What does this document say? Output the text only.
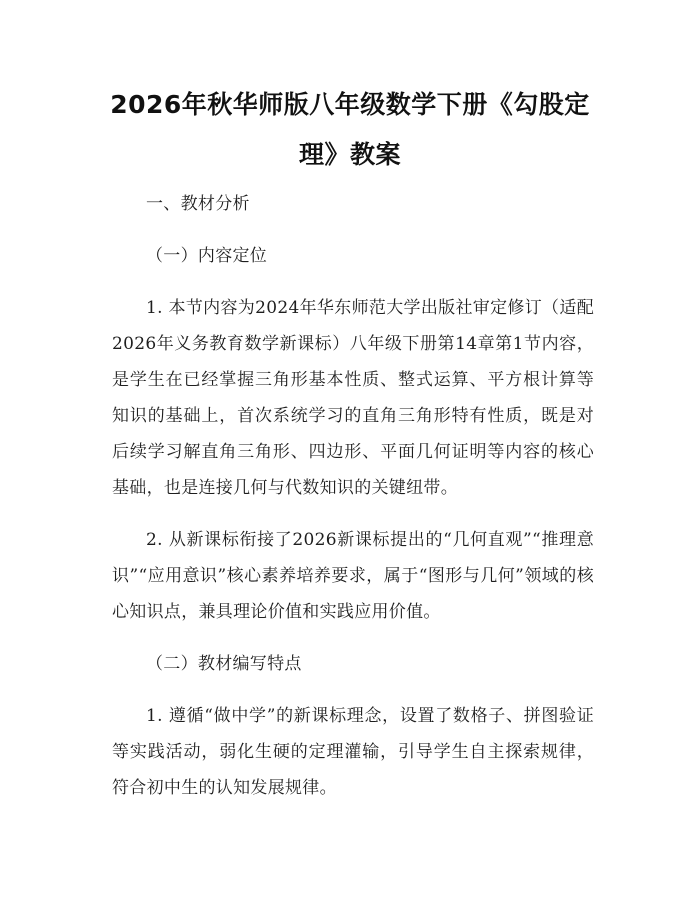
2026年秋华师版八年级数学下册《勾股定理》教案

一、教材分析

（一）内容定位

1. 本节内容为2024年华东师范大学出版社审定修订（适配2026年义务教育数学新课标）八年级下册第14章第1节内容，是学生在已经掌握三角形基本性质、整式运算、平方根计算等知识的基础上，首次系统学习的直角三角形特有性质，既是对后续学习解直角三角形、四边形、平面几何证明等内容的核心基础，也是连接几何与代数知识的关键纽带。

2. 从新课标衔接了2026新课标提出的“几何直观”“推理意识”“应用意识”核心素养培养要求，属于“图形与几何”领域的核心知识点，兼具理论价值和实践应用价值。

（二）教材编写特点

1. 遵循“做中学”的新课标理念，设置了数格子、拼图验证等实践活动，弱化生硬的定理灌输，引导学生自主探索规律，符合初中生的认知发展规律。
